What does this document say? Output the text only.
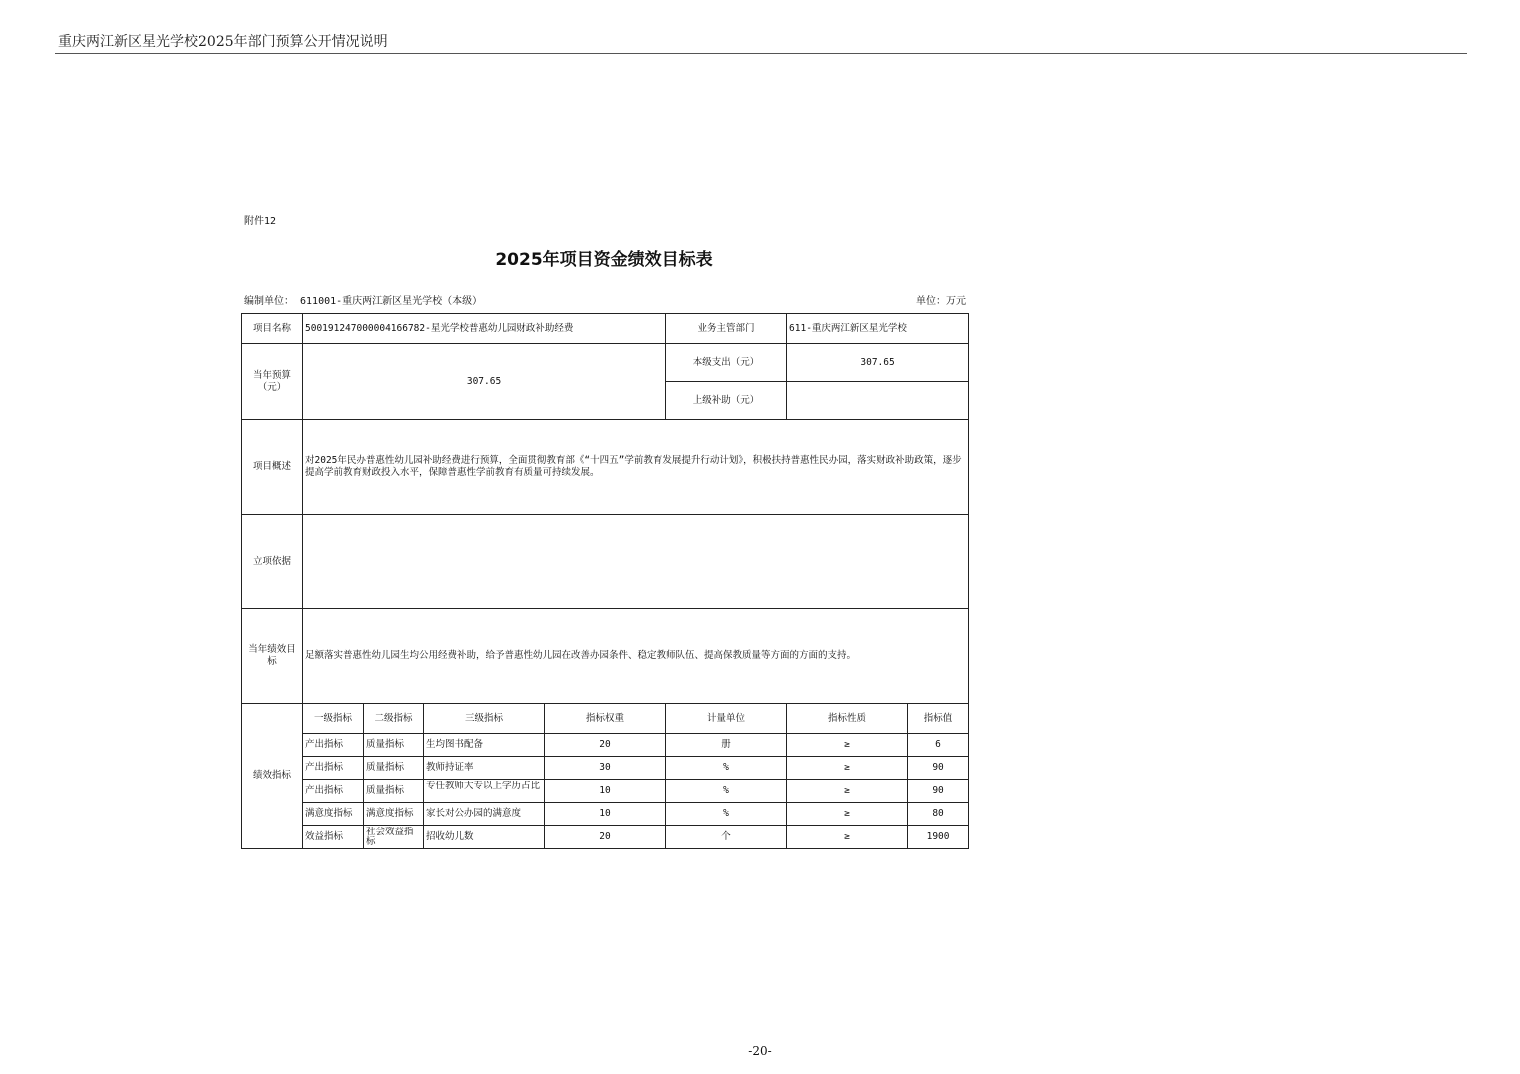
重庆两江新区星光学校2025年部门预算公开情况说明
附件12
2025年项目资金绩效目标表
编制单位： 611001-重庆两江新区星光学校（本级）	单位：万元
项目名称	500191247000004166782-星光学校普惠幼儿园财政补助经费				业务主管部门	611-重庆两江新区星光学校	
当年预算（元）	307.65				本级支出（元）	307.65	
					上级补助（元）		
项目概述	对2025年民办普惠性幼儿园补助经费进行预算，全面贯彻教育部《“十四五”学前教育发展提升行动计划》，积极扶持普惠性民办园，落实财政补助政策，逐步提高学前教育财政投入水平，保障普惠性学前教育有质量可持续发展。						
立项依据							
当年绩效目标	足额落实普惠性幼儿园生均公用经费补助，给予普惠性幼儿园在改善办园条件、稳定教师队伍、提高保教质量等方面的方面的支持。						
绩效指标	一级指标	二级指标	三级指标	指标权重	计量单位	指标性质	指标值
	产出指标	质量指标	生均图书配备	20	册	≥	6
	产出指标	质量指标	教师持证率	30	%	≥	90
	产出指标	质量指标	专任教师大专以上学历占比	10	%	≥	90
	满意度指标	满意度指标	家长对公办园的满意度	10	%	≥	80
	效益指标	社会效益指标	招收幼儿数	20	个	≥	1900
-20-
